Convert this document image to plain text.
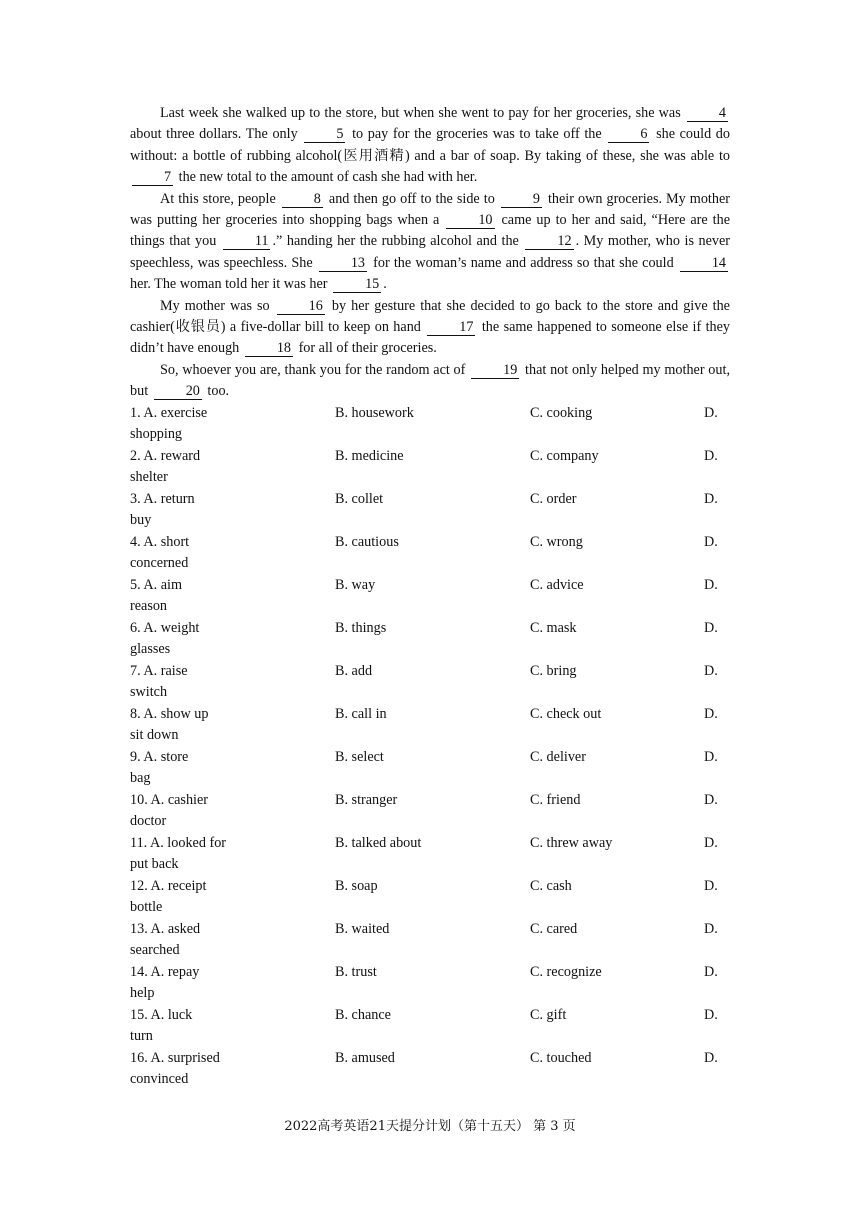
Last week she walked up to the store, but when she went to pay for her groceries, she was 4 about three dollars. The only 5 to pay for the groceries was to take off the 6 she could do without: a bottle of rubbing alcohol(医用酒精) and a bar of soap. By taking of these, she was able to 7 the new total to the amount of cash she had with her.

At this store, people 8 and then go off to the side to 9 their own groceries. My mother was putting her groceries into shopping bags when a 10 came up to her and said, “Here are the things that you 11 .” handing her the rubbing alcohol and the 12 . My mother, who is never speechless, was speechless. She 13 for the woman’s name and address so that she could 14 her. The woman told her it was her 15 .

My mother was so 16 by her gesture that she decided to go back to the store and give the cashier(收银员) a five-dollar bill to keep on hand 17 the same happened to someone else if they didn’t have enough 18 for all of their groceries.

So, whoever you are, thank you for the random act of 19 that not only helped my mother out, but 20 too.

1. A. exercise	B. housework	C. cooking	D.
shopping
2. A. reward	B. medicine	C. company	D.
shelter
3. A. return	B. collet	C. order	D.
buy
4. A. short	B. cautious	C. wrong	D.
concerned
5. A. aim	B. way	C. advice	D.
reason
6. A. weight	B. things	C. mask	D.
glasses
7. A. raise	B. add	C. bring	D.
switch
8. A. show up	B. call in	C. check out	D.
sit down
9. A. store	B. select	C. deliver	D.
bag
10. A. cashier	B. stranger	C. friend	D.
doctor
11. A. looked for	B. talked about	C. threw away	D.
put back
12. A. receipt	B. soap	C. cash	D.
bottle
13. A. asked	B. waited	C. cared	D.
searched
14. A. repay	B. trust	C. recognize	D.
help
15. A. luck	B. chance	C. gift	D.
turn
16. A. surprised	B. amused	C. touched	D.
convinced
2022高考英语21天提分计划（第十五天） 第 3 页
